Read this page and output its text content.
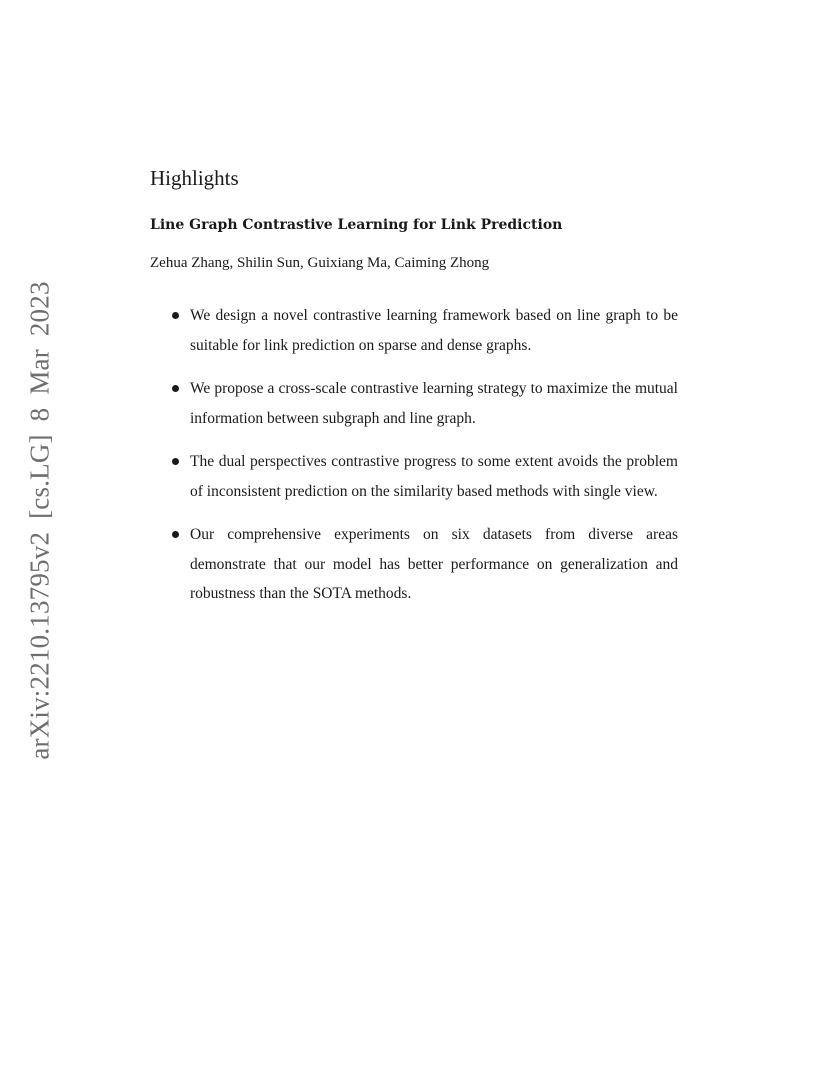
arXiv:2210.13795v2 [cs.LG] 8 Mar 2023
Highlights
Line Graph Contrastive Learning for Link Prediction

Zehua Zhang, Shilin Sun, Guixiang Ma, Caiming Zhong

We design a novel contrastive learning framework based on line graph to be suitable for link prediction on sparse and dense graphs.
We propose a cross-scale contrastive learning strategy to maximize the mutual information between subgraph and line graph.
The dual perspectives contrastive progress to some extent avoids the problem of inconsistent prediction on the similarity based methods with single view.
Our comprehensive experiments on six datasets from diverse areas demonstrate that our model has better performance on generalization and robustness than the SOTA methods.
